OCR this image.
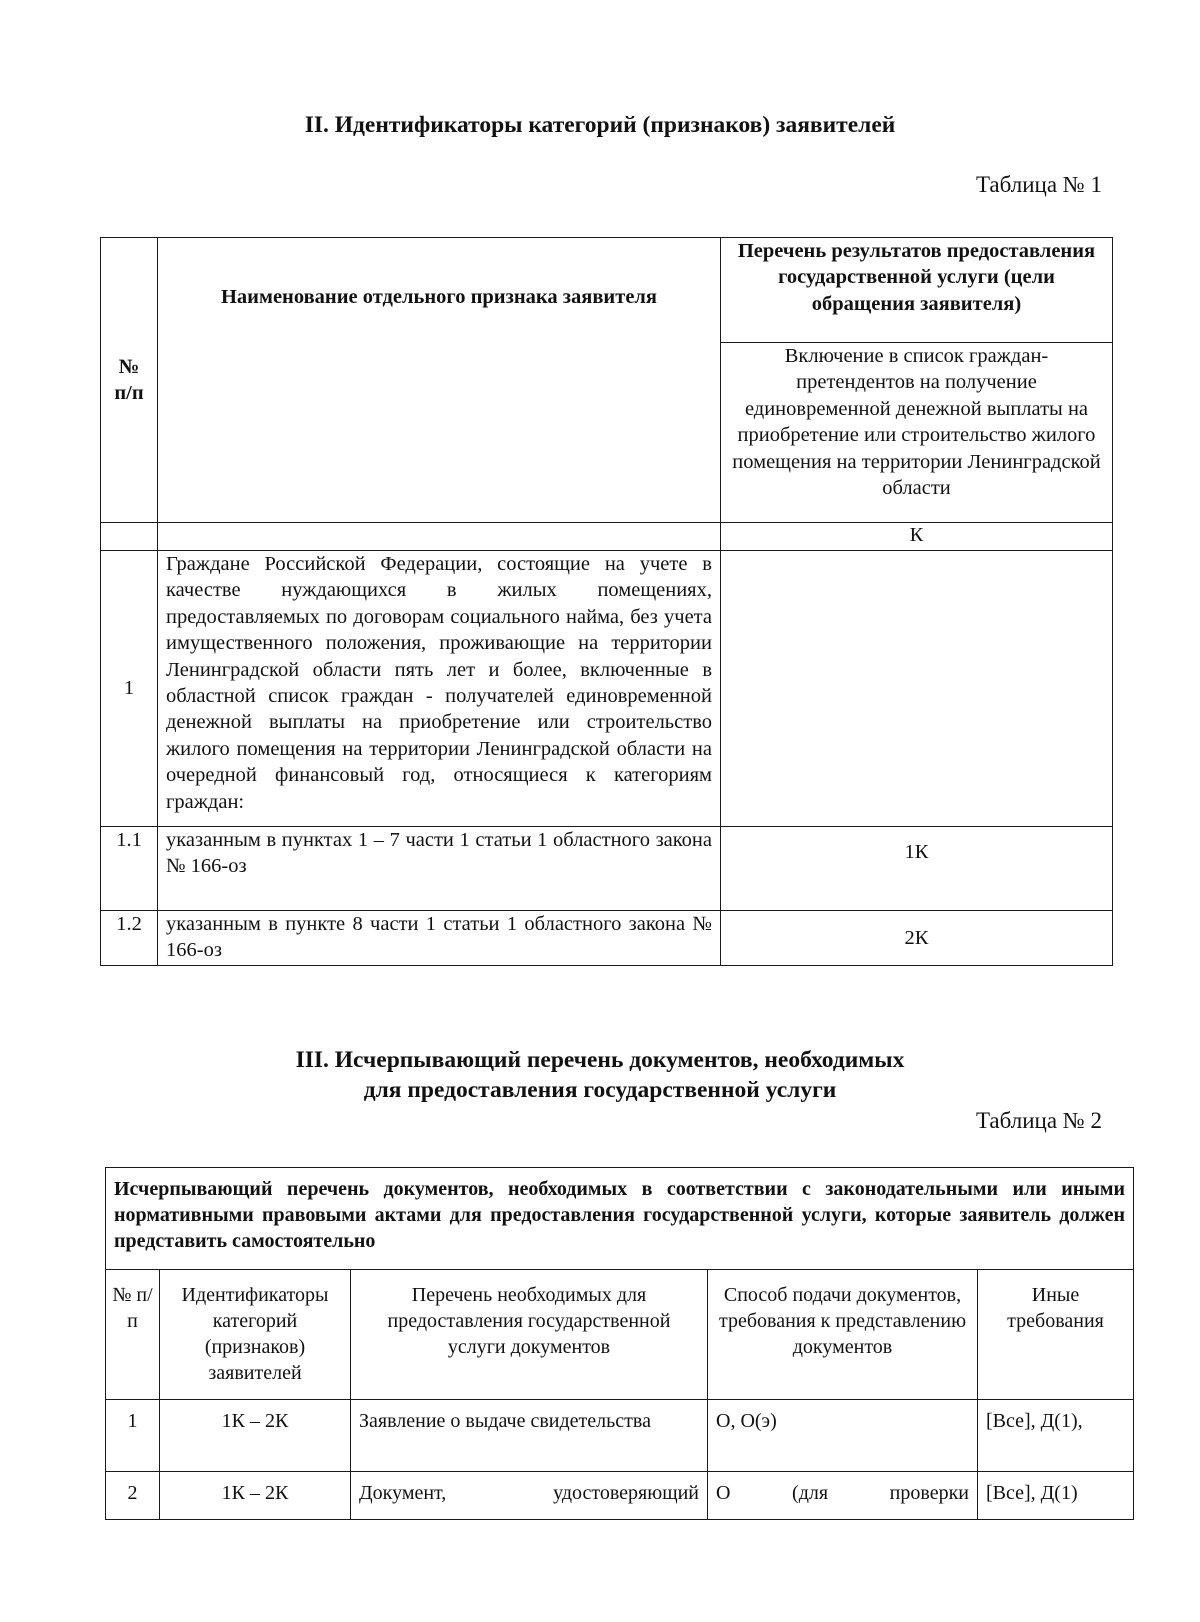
II. Идентификаторы категорий (признаков) заявителей
Таблица № 1
№ п/п	Наименование отдельного признака заявителя	Перечень результатов предоставления государственной услуги (цели обращения заявителя)
		Включение в список граждан-претендентов на получение единовременной денежной выплаты на приобретение или строительство жилого помещения на территории Ленинградской области
		К
1	Граждане Российской Федерации, состоящие на учете в качестве нуждающихся в жилых помещениях, предоставляемых по договорам социального найма, без учета имущественного положения, проживающие на территории Ленинградской области пять лет и более, включенные в областной список граждан - получателей единовременной денежной выплаты на приобретение или строительство жилого помещения на территории Ленинградской области на очередной финансовый год, относящиеся к категориям граждан:	
1.1	указанным в пунктах 1 – 7 части 1 статьи 1 областного закона № 166-оз	1К
1.2	указанным в пункте 8 части 1 статьи 1 областного закона № 166-оз	2К
III. Исчерпывающий перечень документов, необходимых
для предоставления государственной услуги
Таблица № 2
Исчерпывающий перечень документов, необходимых в соответствии с законодательными или иными нормативными правовыми актами для предоставления государственной услуги, которые заявитель должен представить самостоятельно				
№ п/п	Идентификаторы категорий (признаков) заявителей	Перечень необходимых для предоставления государственной услуги документов	Способ подачи документов, требования к представлению документов	Иные требования
1	1К – 2К	Заявление о выдаче свидетельства	О, О(э)	[Все], Д(1),
2	1К – 2К	Документ, удостоверяющий	О (для проверки	[Все], Д(1)
